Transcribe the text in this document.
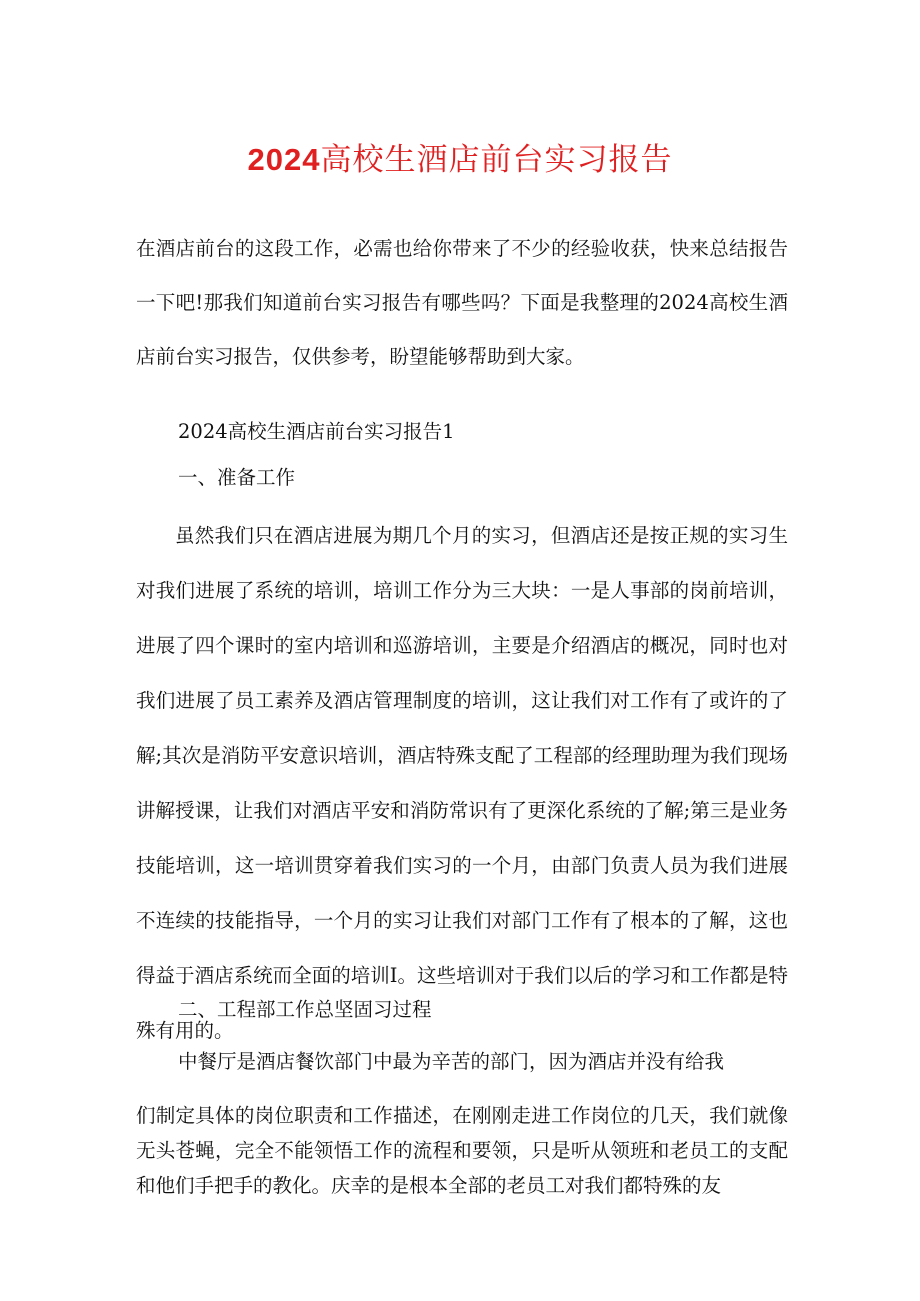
2024高校生酒店前台实习报告
在酒店前台的这段工作，必需也给你带来了不少的经验收获，快来总结报告一下吧!那我们知道前台实习报告有哪些吗？下面是我整理的2024高校生酒店前台实习报告，仅供参考，盼望能够帮助到大家。
2024高校生酒店前台实习报告1
一、准备工作
虽然我们只在酒店进展为期几个月的实习，但酒店还是按正规的实习生对我们进展了系统的培训，培训工作分为三大块：一是人事部的岗前培训，进展了四个课时的室内培训和巡游培训，主要是介绍酒店的概况，同时也对我们进展了员工素养及酒店管理制度的培训，这让我们对工作有了或许的了解;其次是消防平安意识培训，酒店特殊支配了工程部的经理助理为我们现场讲解授课，让我们对酒店平安和消防常识有了更深化系统的了解;第三是业务技能培训，这一培训贯穿着我们实习的一个月，由部门负责人员为我们进展不连续的技能指导，一个月的实习让我们对部门工作有了根本的了解，这也得益于酒店系统而全面的培训I。这些培训对于我们以后的学习和工作都是特殊有用的。
二、工程部工作总坚固习过程
中餐厅是酒店餐饮部门中最为辛苦的部门，因为酒店并没有给我
们制定具体的岗位职责和工作描述，在刚刚走进工作岗位的几天，我们就像无头苍蝇，完全不能领悟工作的流程和要领，只是听从领班和老员工的支配和他们手把手的教化。庆幸的是根本全部的老员工对我们都特殊的友
